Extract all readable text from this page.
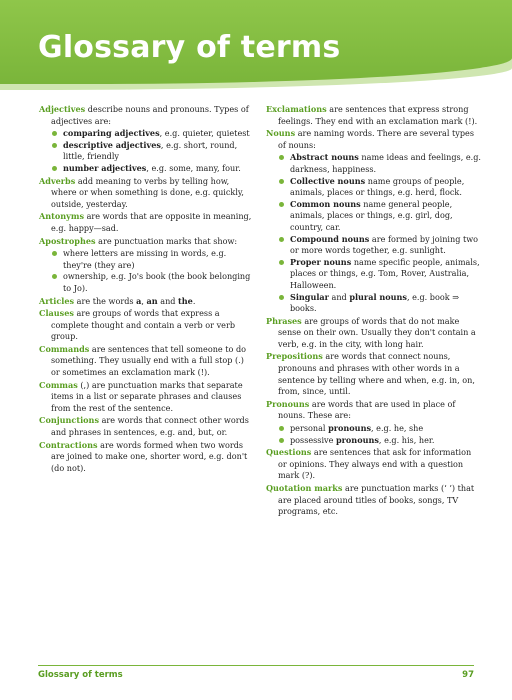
Glossary of terms

Adjectives describe nouns and pronouns. Types of adjectives are:

comparing adjectives, e.g. quieter, quietest
descriptive adjectives, e.g. short, round, little, friendly
number adjectives, e.g. some, many, four.

Adverbs add meaning to verbs by telling how, where or when something is done, e.g. quickly, outside, yesterday.

Antonyms are words that are opposite in meaning, e.g. happy—sad.

Apostrophes are punctuation marks that show:

where letters are missing in words, e.g. they're (they are)
ownership, e.g. Jo's book (the book belonging to Jo).

Articles are the words a, an and the.

Clauses are groups of words that express a complete thought and contain a verb or verb group.

Commands are sentences that tell someone to do something. They usually end with a full stop (.) or sometimes an exclamation mark (!).

Commas (,) are punctuation marks that separate items in a list or separate phrases and clauses from the rest of the sentence.

Conjunctions are words that connect other words and phrases in sentences, e.g. and, but, or.

Contractions are words formed when two words are joined to make one, shorter word, e.g. don't (do not).

Exclamations are sentences that express strong feelings. They end with an exclamation mark (!).

Nouns are naming words. There are several types of nouns:

Abstract nouns name ideas and feelings, e.g. darkness, happiness.
Collective nouns name groups of people, animals, places or things, e.g. herd, flock.
Common nouns name general people, animals, places or things, e.g. girl, dog, country, car.
Compound nouns are formed by joining two or more words together, e.g. sunlight.
Proper nouns name specific people, animals, places or things, e.g. Tom, Rover, Australia, Halloween.
Singular and plural nouns, e.g. book ⇒ books.

Phrases are groups of words that do not make sense on their own. Usually they don't contain a verb, e.g. in the city, with long hair.

Prepositions are words that connect nouns, pronouns and phrases with other words in a sentence by telling where and when, e.g. in, on, from, since, until.

Pronouns are words that are used in place of nouns. These are:

personal pronouns, e.g. he, she
possessive pronouns, e.g. his, her.

Questions are sentences that ask for information or opinions. They always end with a question mark (?).

Quotation marks are punctuation marks (‘ ’) that are placed around titles of books, songs, TV programs, etc.

Glossary of terms	97
